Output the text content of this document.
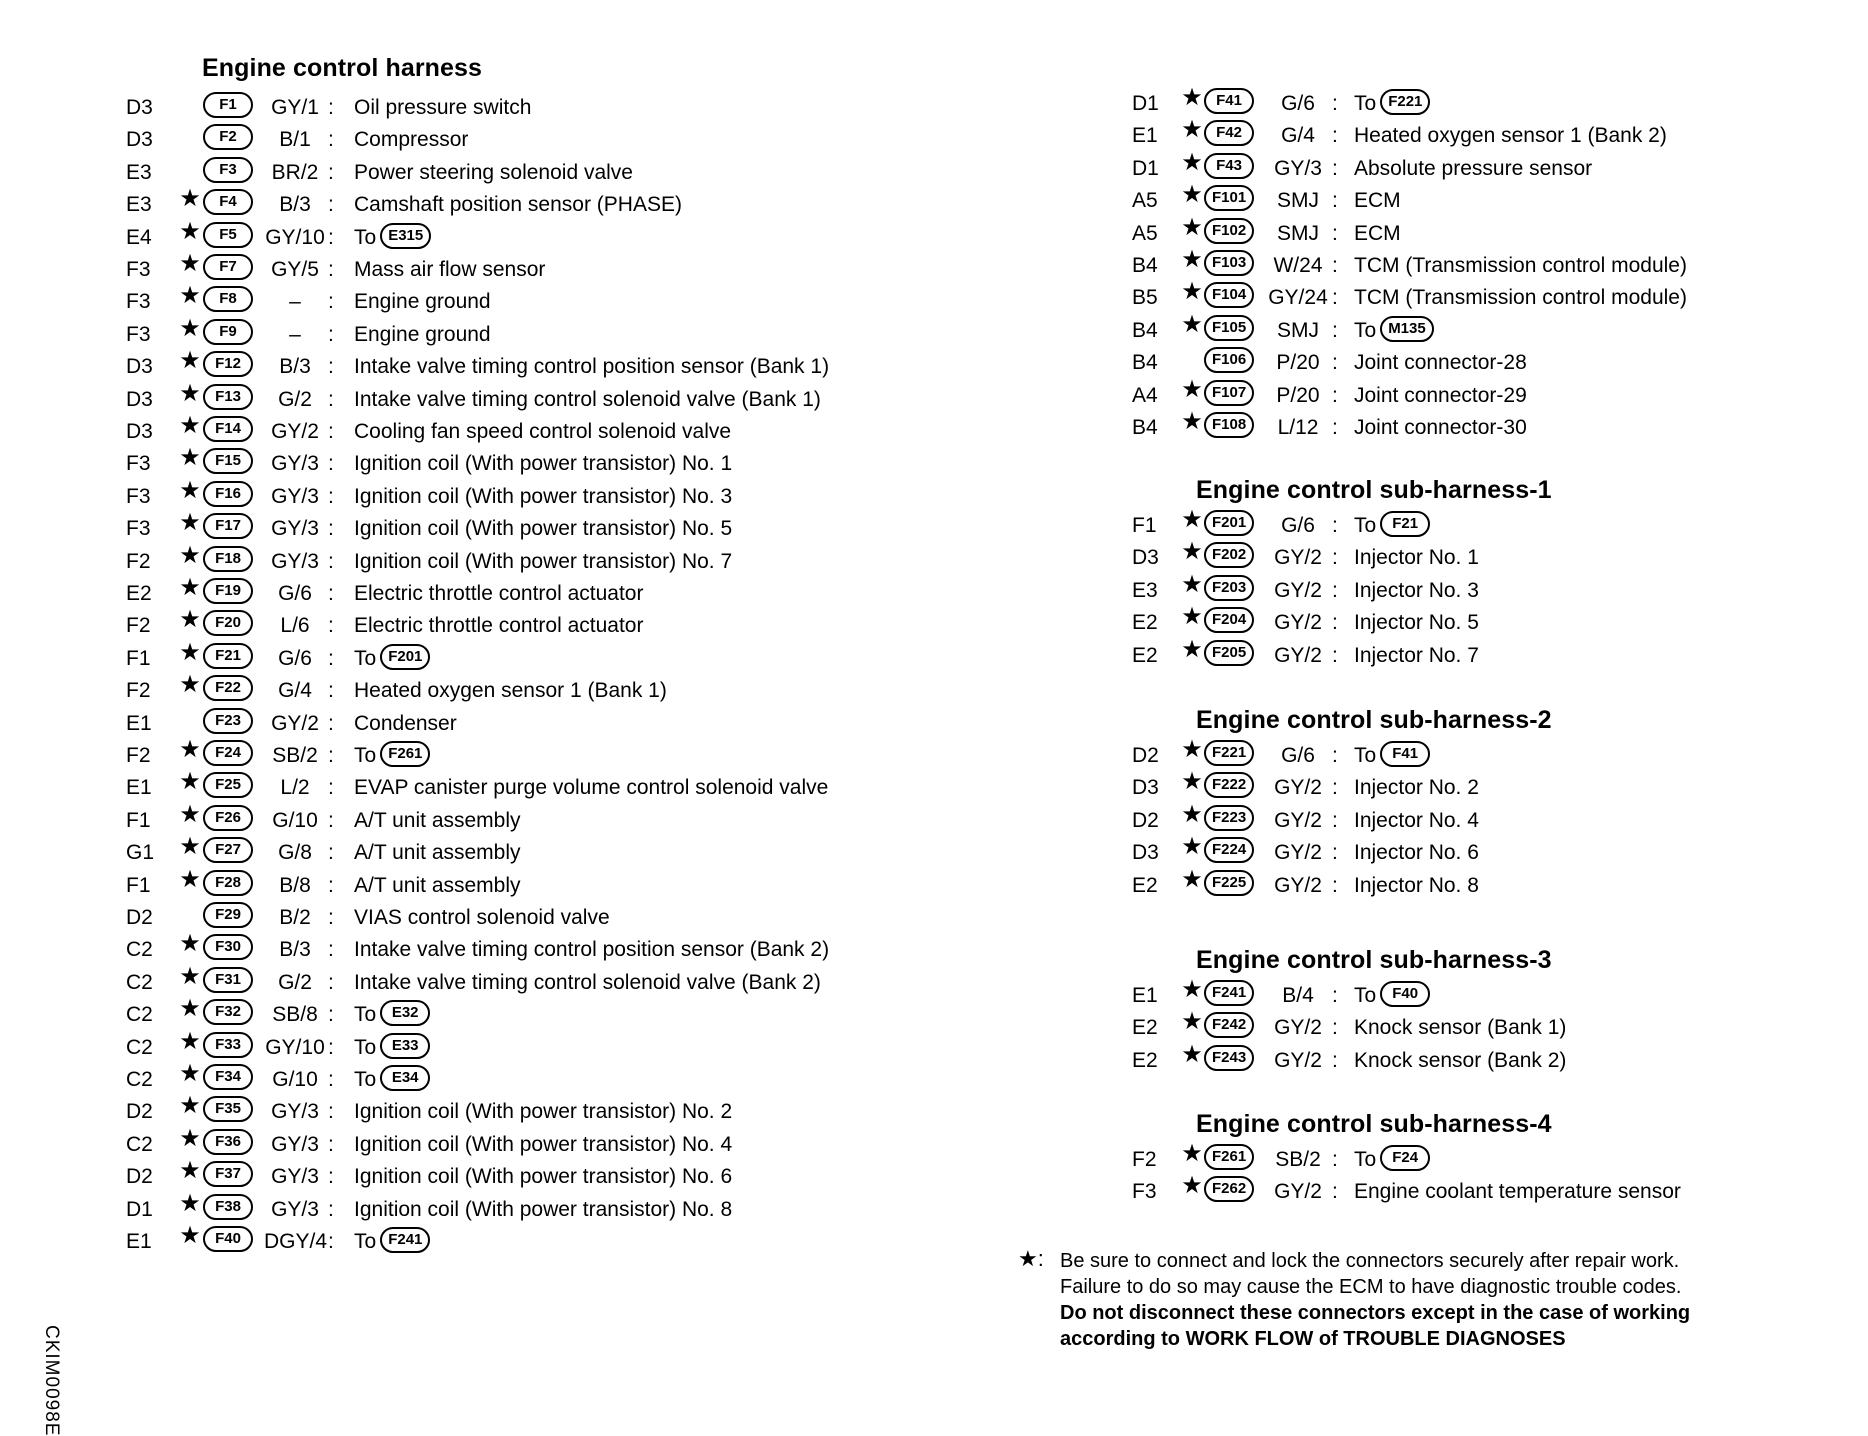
Engine control harness
D3	F1	GY/1 : Oil pressure switch
D3	F2	B/1 : Compressor
E3	F3	BR/2 : Power steering solenoid valve
E3	★	F4	B/3 : Camshaft position sensor (PHASE)
E4	★	F5	GY/10 : To E315
F3	★	F7	GY/5 : Mass air flow sensor
F3	★	F8	–	: Engine ground
F3	★	F9	–	: Engine ground
D3	★ F12	B/3 : Intake valve timing control position sensor (Bank 1)
D3	★ F13	G/2 : Intake valve timing control solenoid valve (Bank 1)
D3	★ F14	GY/2 : Cooling fan speed control solenoid valve
F3	★ F15	GY/3 : Ignition coil (With power transistor) No. 1
F3	★ F16	GY/3 : Ignition coil (With power transistor) No. 3
F3	★ F17	GY/3 : Ignition coil (With power transistor) No. 5
F2	★ F18	GY/3 : Ignition coil (With power transistor) No. 7
E2	★ F19	G/6 : Electric throttle control actuator
F2	★ F20	L/6 : Electric throttle control actuator
F1	★ F21	G/6 : To F201
F2	★ F22	G/4 : Heated oxygen sensor 1 (Bank 1)
E1	F23	GY/2 : Condenser
F2	★ F24	SB/2 : To F261
E1	★ F25	L/2 : EVAP canister purge volume control solenoid valve
F1	★ F26	G/10 : A/T unit assembly
G1	★ F27	G/8 : A/T unit assembly
F1	★ F28	B/8 : A/T unit assembly
D2	F29	B/2 : VIAS control solenoid valve
C2	★ F30	B/3 : Intake valve timing control position sensor (Bank 2)
C2	★ F31	G/2 : Intake valve timing control solenoid valve (Bank 2)
C2	★ F32	SB/8 : To	E32
C2	★ F33	GY/10 : To	E33
C2	★ F34	G/10 : To	E34
D2	★ F35	GY/3 : Ignition coil (With power transistor) No. 2
C2	★ F36	GY/3 : Ignition coil (With power transistor) No. 4
D2	★ F37	GY/3 : Ignition coil (With power transistor) No. 6
D1	★ F38	GY/3 : Ignition coil (With power transistor) No. 8
E1	★ F40	DGY/4 : To F241
D1 ★ F41	G/6 : To F221
E1 ★ F42	G/4 : Heated oxygen sensor 1 (Bank 2)
D1 ★ F43	GY/3 : Absolute pressure sensor
A5 ★ F101	SMJ : ECM
A5 ★ F102	SMJ : ECM
B4 ★ F103	W/24 : TCM (Transmission control module)
B5 ★ F104	GY/24 : TCM (Transmission control module)
B4 ★ F105	SMJ : To M135
B4	F106	P/20 : Joint connector-28
A4 ★ F107	P/20 : Joint connector-29
B4 ★ F108	L/12 : Joint connector-30
Engine control sub-harness-1
F1	★ F201	G/6 : To	F21
D3 ★ F202	GY/2 : Injector No. 1
E3 ★ F203	GY/2 : Injector No. 3
E2 ★ F204	GY/2 : Injector No. 5
E2 ★ F205	GY/2 : Injector No. 7
Engine control sub-harness-2
D2 ★ F221	G/6 : To	F41
D3 ★ F222	GY/2 : Injector No. 2
D2 ★ F223	GY/2 : Injector No. 4
D3 ★ F224	GY/2 : Injector No. 6
E2 ★ F225	GY/2 : Injector No. 8
Engine control sub-harness-3
E1 ★ F241	B/4 : To	F40
E2 ★ F242	GY/2 : Knock sensor (Bank 1)
E2 ★ F243	GY/2 : Knock sensor (Bank 2)
Engine control sub-harness-4
F2	★ F261	SB/2 : To	F24
F3	★ F262	GY/2 : Engine coolant temperature sensor
★: Be sure to connect and lock the connectors securely after repair work.

Failure to do so may cause the ECM to have diagnostic trouble codes.

Do not disconnect these connectors except in the case of working

according to WORK FLOW of TROUBLE DIAGNOSES

CKIM0098E
